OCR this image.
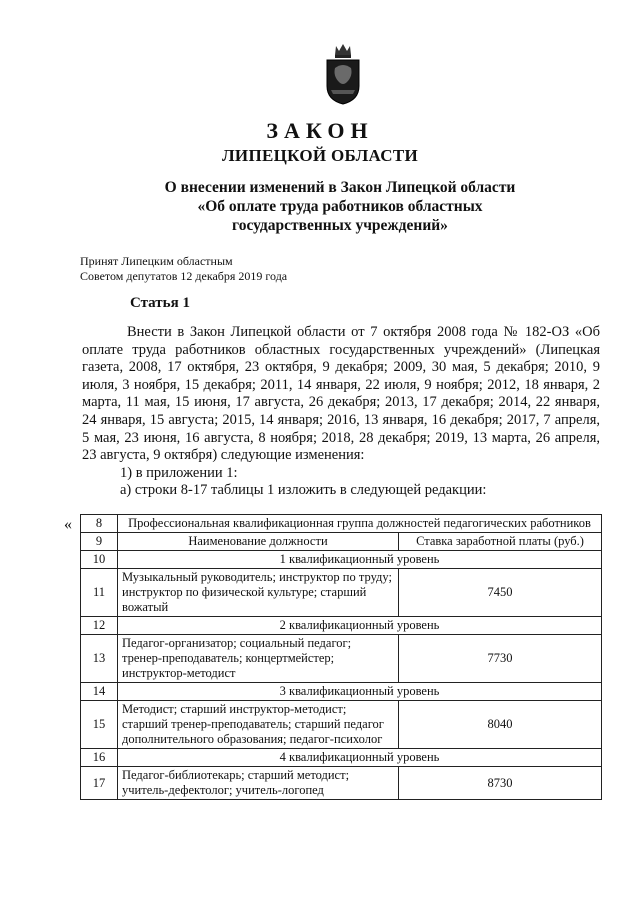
ЗАКОН
ЛИПЕЦКОЙ ОБЛАСТИ
О внесении изменений в Закон Липецкой области
«Об оплате труда работников областных
государственных учреждений»
Принят Липецким областным
Советом депутатов 12 декабря 2019 года
Статья 1

Внести в Закон Липецкой области от 7 октября 2008 года № 182-ОЗ «Об оплате труда работников областных государственных учреждений» (Липецкая газета, 2008, 17 октября, 23 октября, 9 декабря; 2009, 30 мая, 5 декабря; 2010, 9 июля, 3 ноября, 15 декабря; 2011, 14 января, 22 июля, 9 ноября; 2012, 18 января, 2 марта, 11 мая, 15 июня, 17 августа, 26 декабря; 2013, 17 декабря; 2014, 22 января, 24 января, 15 августа; 2015, 14 января; 2016, 13 января, 16 декабря; 2017, 7 апреля, 5 мая, 23 июня, 16 августа, 8 ноября; 2018, 28 декабря; 2019, 13 марта, 26 апреля, 23 августа, 9 октября) следующие изменения:

1) в приложении 1:

а) строки 8-17 таблицы 1 изложить в следующей редакции:

« 8	Профессиональная квалификационная группа должностей педагогических работников	
9	Наименование должности	Ставка заработной платы (руб.)
10	1 квалификационный уровень	
11	Музыкальный руководитель; инструктор по труду; инструктор по физической культуре; старший вожатый	7450
12	2 квалификационный уровень	
13	Педагог-организатор; социальный педагог; тренер-преподаватель; концертмейстер; инструктор-методист	7730
14	3 квалификационный уровень	
15	Методист; старший инструктор-методист; старший тренер-преподаватель; старший педагог дополнительного образования; педагог-психолог	8040
16	4 квалификационный уровень	
17	Педагог-библиотекарь; старший методист; учитель-дефектолог; учитель-логопед	8730
